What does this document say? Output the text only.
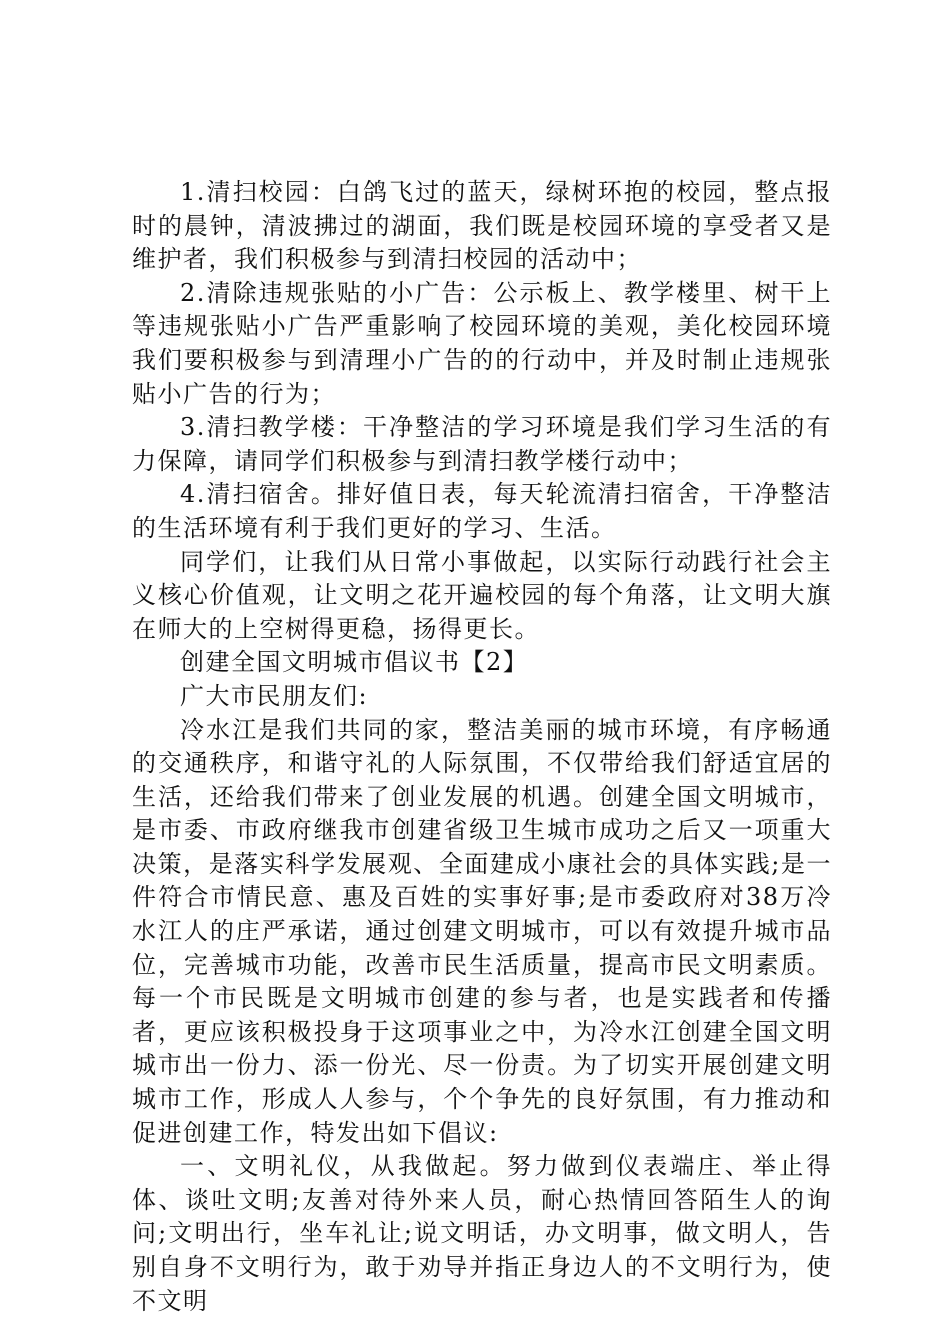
1.清扫校园：白鸽飞过的蓝天，绿树环抱的校园，整点报时的晨钟，清波拂过的湖面，我们既是校园环境的享受者又是维护者，我们积极参与到清扫校园的活动中；

2.清除违规张贴的小广告：公示板上、教学楼里、树干上等违规张贴小广告严重影响了校园环境的美观，美化校园环境我们要积极参与到清理小广告的的行动中，并及时制止违规张贴小广告的行为；

3.清扫教学楼：干净整洁的学习环境是我们学习生活的有力保障，请同学们积极参与到清扫教学楼行动中；

4.清扫宿舍。排好值日表，每天轮流清扫宿舍，干净整洁的生活环境有利于我们更好的学习、生活。

同学们，让我们从日常小事做起，以实际行动践行社会主义核心价值观，让文明之花开遍校园的每个角落，让文明大旗在师大的上空树得更稳，扬得更长。

创建全国文明城市倡议书【2】

广大市民朋友们:

冷水江是我们共同的家，整洁美丽的城市环境，有序畅通的交通秩序，和谐守礼的人际氛围，不仅带给我们舒适宜居的生活，还给我们带来了创业发展的机遇。创建全国文明城市，是市委、市政府继我市创建省级卫生城市成功之后又一项重大决策，是落实科学发展观、全面建成小康社会的具体实践;是一件符合市情民意、惠及百姓的实事好事;是市委政府对38万冷水江人的庄严承诺，通过创建文明城市，可以有效提升城市品位，完善城市功能，改善市民生活质量，提高市民文明素质。每一个市民既是文明城市创建的参与者，也是实践者和传播者，更应该积极投身于这项事业之中，为冷水江创建全国文明城市出一份力、添一份光、尽一份责。为了切实开展创建文明城市工作，形成人人参与，个个争先的良好氛围，有力推动和促进创建工作，特发出如下倡议:

一、文明礼仪，从我做起。努力做到仪表端庄、举止得体、谈吐文明;友善对待外来人员，耐心热情回答陌生人的询问;文明出行，坐车礼让;说文明话，办文明事，做文明人，告别自身不文明行为，敢于劝导并指正身边人的不文明行为，使不文明
